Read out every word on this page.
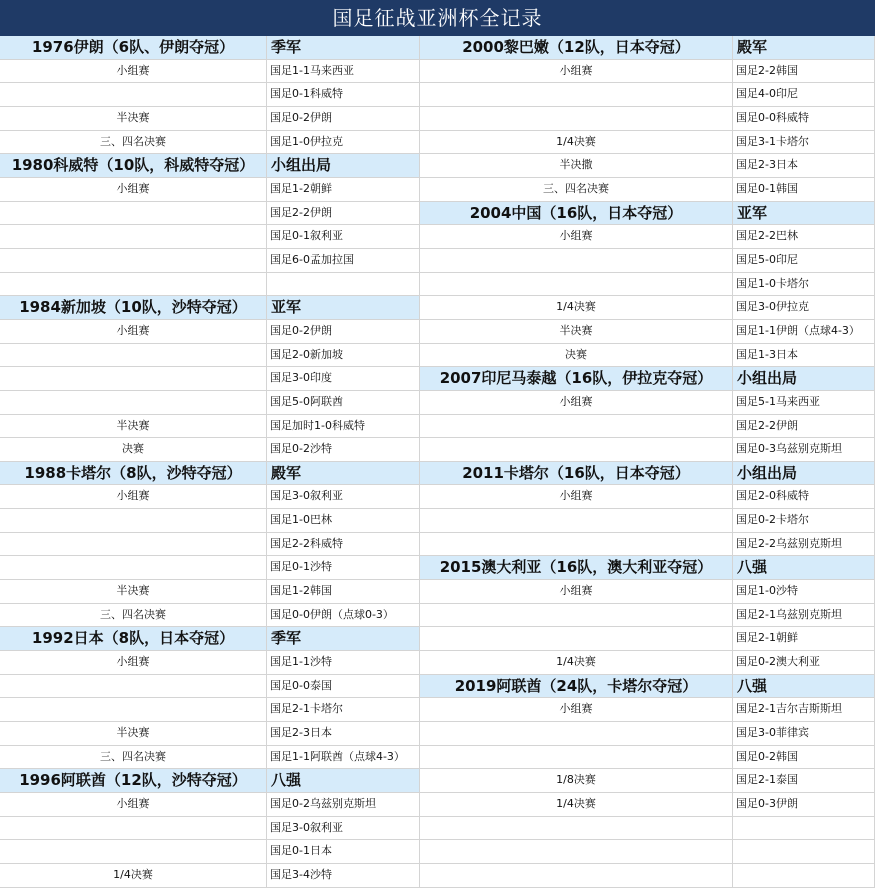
国足征战亚洲杯全记录
1976伊朗（6队、伊朗夺冠）
小组赛
半决赛
三、四名决赛
1980科威特（10队，科威特夺冠）
小组赛
1984新加坡（10队，沙特夺冠）
小组赛
半决赛
决赛
1988卡塔尔（8队，沙特夺冠）
小组赛
半决赛
三、四名决赛
1992日本（8队，日本夺冠）
小组赛
半决赛
三、四名决赛
1996阿联酋（12队，沙特夺冠）
小组赛
1/4决赛
季军
国足1-1马来西亚
国足0-1科威特
国足0-2伊朗
国足1-0伊拉克
小组出局
国足1-2朝鲜
国足2-2伊朗
国足0-1叙利亚
国足6-0孟加拉国
亚军
国足0-2伊朗
国足2-0新加坡
国足3-0印度
国足5-0阿联酋
国足加时1-0科威特
国足0-2沙特
殿军
国足3-0叙利亚
国足1-0巴林
国足2-2科威特
国足0-1沙特
国足1-2韩国
国足0-0伊朗（点球0-3）
季军
国足1-1沙特
国足0-0泰国
国足2-1卡塔尔
国足2-3日本
国足1-1阿联酋（点球4-3）
八强
国足0-2乌兹别克斯坦
国足3-0叙利亚
国足0-1日本
国足3-4沙特
2000黎巴嫩（12队，日本夺冠）
小组赛
1/4决赛
半决撒
三、四名决赛
2004中国（16队，日本夺冠）
小组赛
1/4决赛
半决赛
决赛
2007印尼马泰越（16队，伊拉克夺冠）
小组赛
2011卡塔尔（16队，日本夺冠）
小组赛
2015澳大利亚（16队，澳大利亚夺冠）
小组赛
1/4决赛
2019阿联酋（24队，卡塔尔夺冠）
小组赛
1/8决赛
1/4决赛
殿军
国足2-2韩国
国足4-0印尼
国足0-0科威特
国足3-1卡塔尔
国足2-3日本
国足0-1韩国
亚军
国足2-2巴林
国足5-0印尼
国足1-0卡塔尔
国足3-0伊拉克
国足1-1伊朗（点球4-3）
国足1-3日本
小组出局
国足5-1马来西亚
国足2-2伊朗
国足0-3乌兹别克斯坦
小组出局
国足2-0科威特
国足0-2卡塔尔
国足2-2乌兹别克斯坦
八强
国足1-0沙特
国足2-1乌兹别克斯坦
国足2-1朝鲜
国足0-2澳大利亚
八强
国足2-1吉尔吉斯斯坦
国足3-0菲律宾
国足0-2韩国
国足2-1泰国
国足0-3伊朗
